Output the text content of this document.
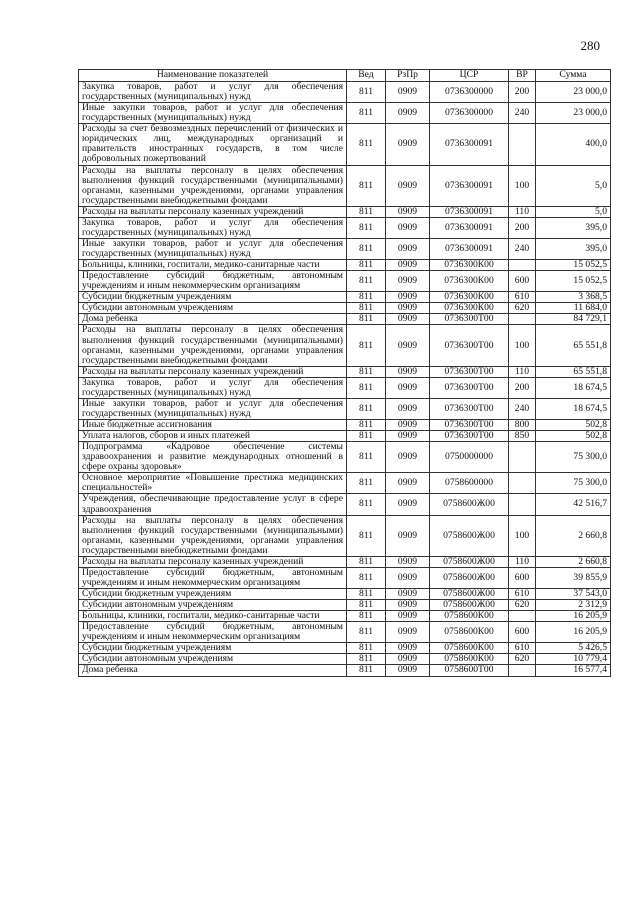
280
Наименование показателей	Вед	РзПр	ЦСР	ВР	Сумма
Закупка товаров, работ и услуг для обеспечения государственных (муниципальных) нужд	811	0909	0736300000	200	23 000,0
Иные закупки товаров, работ и услуг для обеспечения государственных (муниципальных) нужд	811	0909	0736300000	240	23 000,0
Расходы за счет безвозмездных перечислений от физических и юридических лиц, международных организаций и правительств иностранных государств, в том числе добровольных пожертвований	811	0909	0736300091		400,0
Расходы на выплаты персоналу в целях обеспечения выполнения функций государственными (муниципальными) органами, казенными учреждениями, органами управления государственными внебюджетными фондами	811	0909	0736300091	100	5,0
Расходы на выплаты персоналу казенных учреждений	811	0909	0736300091	110	5,0
Закупка товаров, работ и услуг для обеспечения государственных (муниципальных) нужд	811	0909	0736300091	200	395,0
Иные закупки товаров, работ и услуг для обеспечения государственных (муниципальных) нужд	811	0909	0736300091	240	395,0
Больницы, клиники, госпитали, медико-санитарные части	811	0909	0736300К00		15 052,5
Предоставление субсидий бюджетным, автономным учреждениям и иным некоммерческим организациям	811	0909	0736300К00	600	15 052,5
Субсидии бюджетным учреждениям	811	0909	0736300К00	610	3 368,5
Субсидии автономным учреждениям	811	0909	0736300К00	620	11 684,0
Дома ребенка	811	0909	0736300Т00		84 729,1
Расходы на выплаты персоналу в целях обеспечения выполнения функций государственными (муниципальными) органами, казенными учреждениями, органами управления государственными внебюджетными фондами	811	0909	0736300Т00	100	65 551,8
Расходы на выплаты персоналу казенных учреждений	811	0909	0736300Т00	110	65 551,8
Закупка товаров, работ и услуг для обеспечения государственных (муниципальных) нужд	811	0909	0736300Т00	200	18 674,5
Иные закупки товаров, работ и услуг для обеспечения государственных (муниципальных) нужд	811	0909	0736300Т00	240	18 674,5
Иные бюджетные ассигнования	811	0909	0736300Т00	800	502,8
Уплата налогов, сборов и иных платежей	811	0909	0736300Т00	850	502,8
Подпрограмма «Кадровое обеспечение системы здравоохранения и развитие международных отношений в сфере охраны здоровья»	811	0909	0750000000		75 300,0
Основное мероприятие «Повышение престижа медицинских специальностей»	811	0909	0758600000		75 300,0
Учреждения, обеспечивающие предоставление услуг в сфере здравоохранения	811	0909	0758600Ж00		42 516,7
Расходы на выплаты персоналу в целях обеспечения выполнения функций государственными (муниципальными) органами, казенными учреждениями, органами управления государственными внебюджетными фондами	811	0909	0758600Ж00	100	2 660,8
Расходы на выплаты персоналу казенных учреждений	811	0909	0758600Ж00	110	2 660,8
Предоставление субсидий бюджетным, автономным учреждениям и иным некоммерческим организациям	811	0909	0758600Ж00	600	39 855,9
Субсидии бюджетным учреждениям	811	0909	0758600Ж00	610	37 543,0
Субсидии автономным учреждениям	811	0909	0758600Ж00	620	2 312,9
Больницы, клиники, госпитали, медико-санитарные части	811	0909	0758600К00		16 205,9
Предоставление субсидий бюджетным, автономным учреждениям и иным некоммерческим организациям	811	0909	0758600К00	600	16 205,9
Субсидии бюджетным учреждениям	811	0909	0758600К00	610	5 426,5
Субсидии автономным учреждениям	811	0909	0758600К00	620	10 779,4
Дома ребенка	811	0909	0758600Т00		16 577,4
